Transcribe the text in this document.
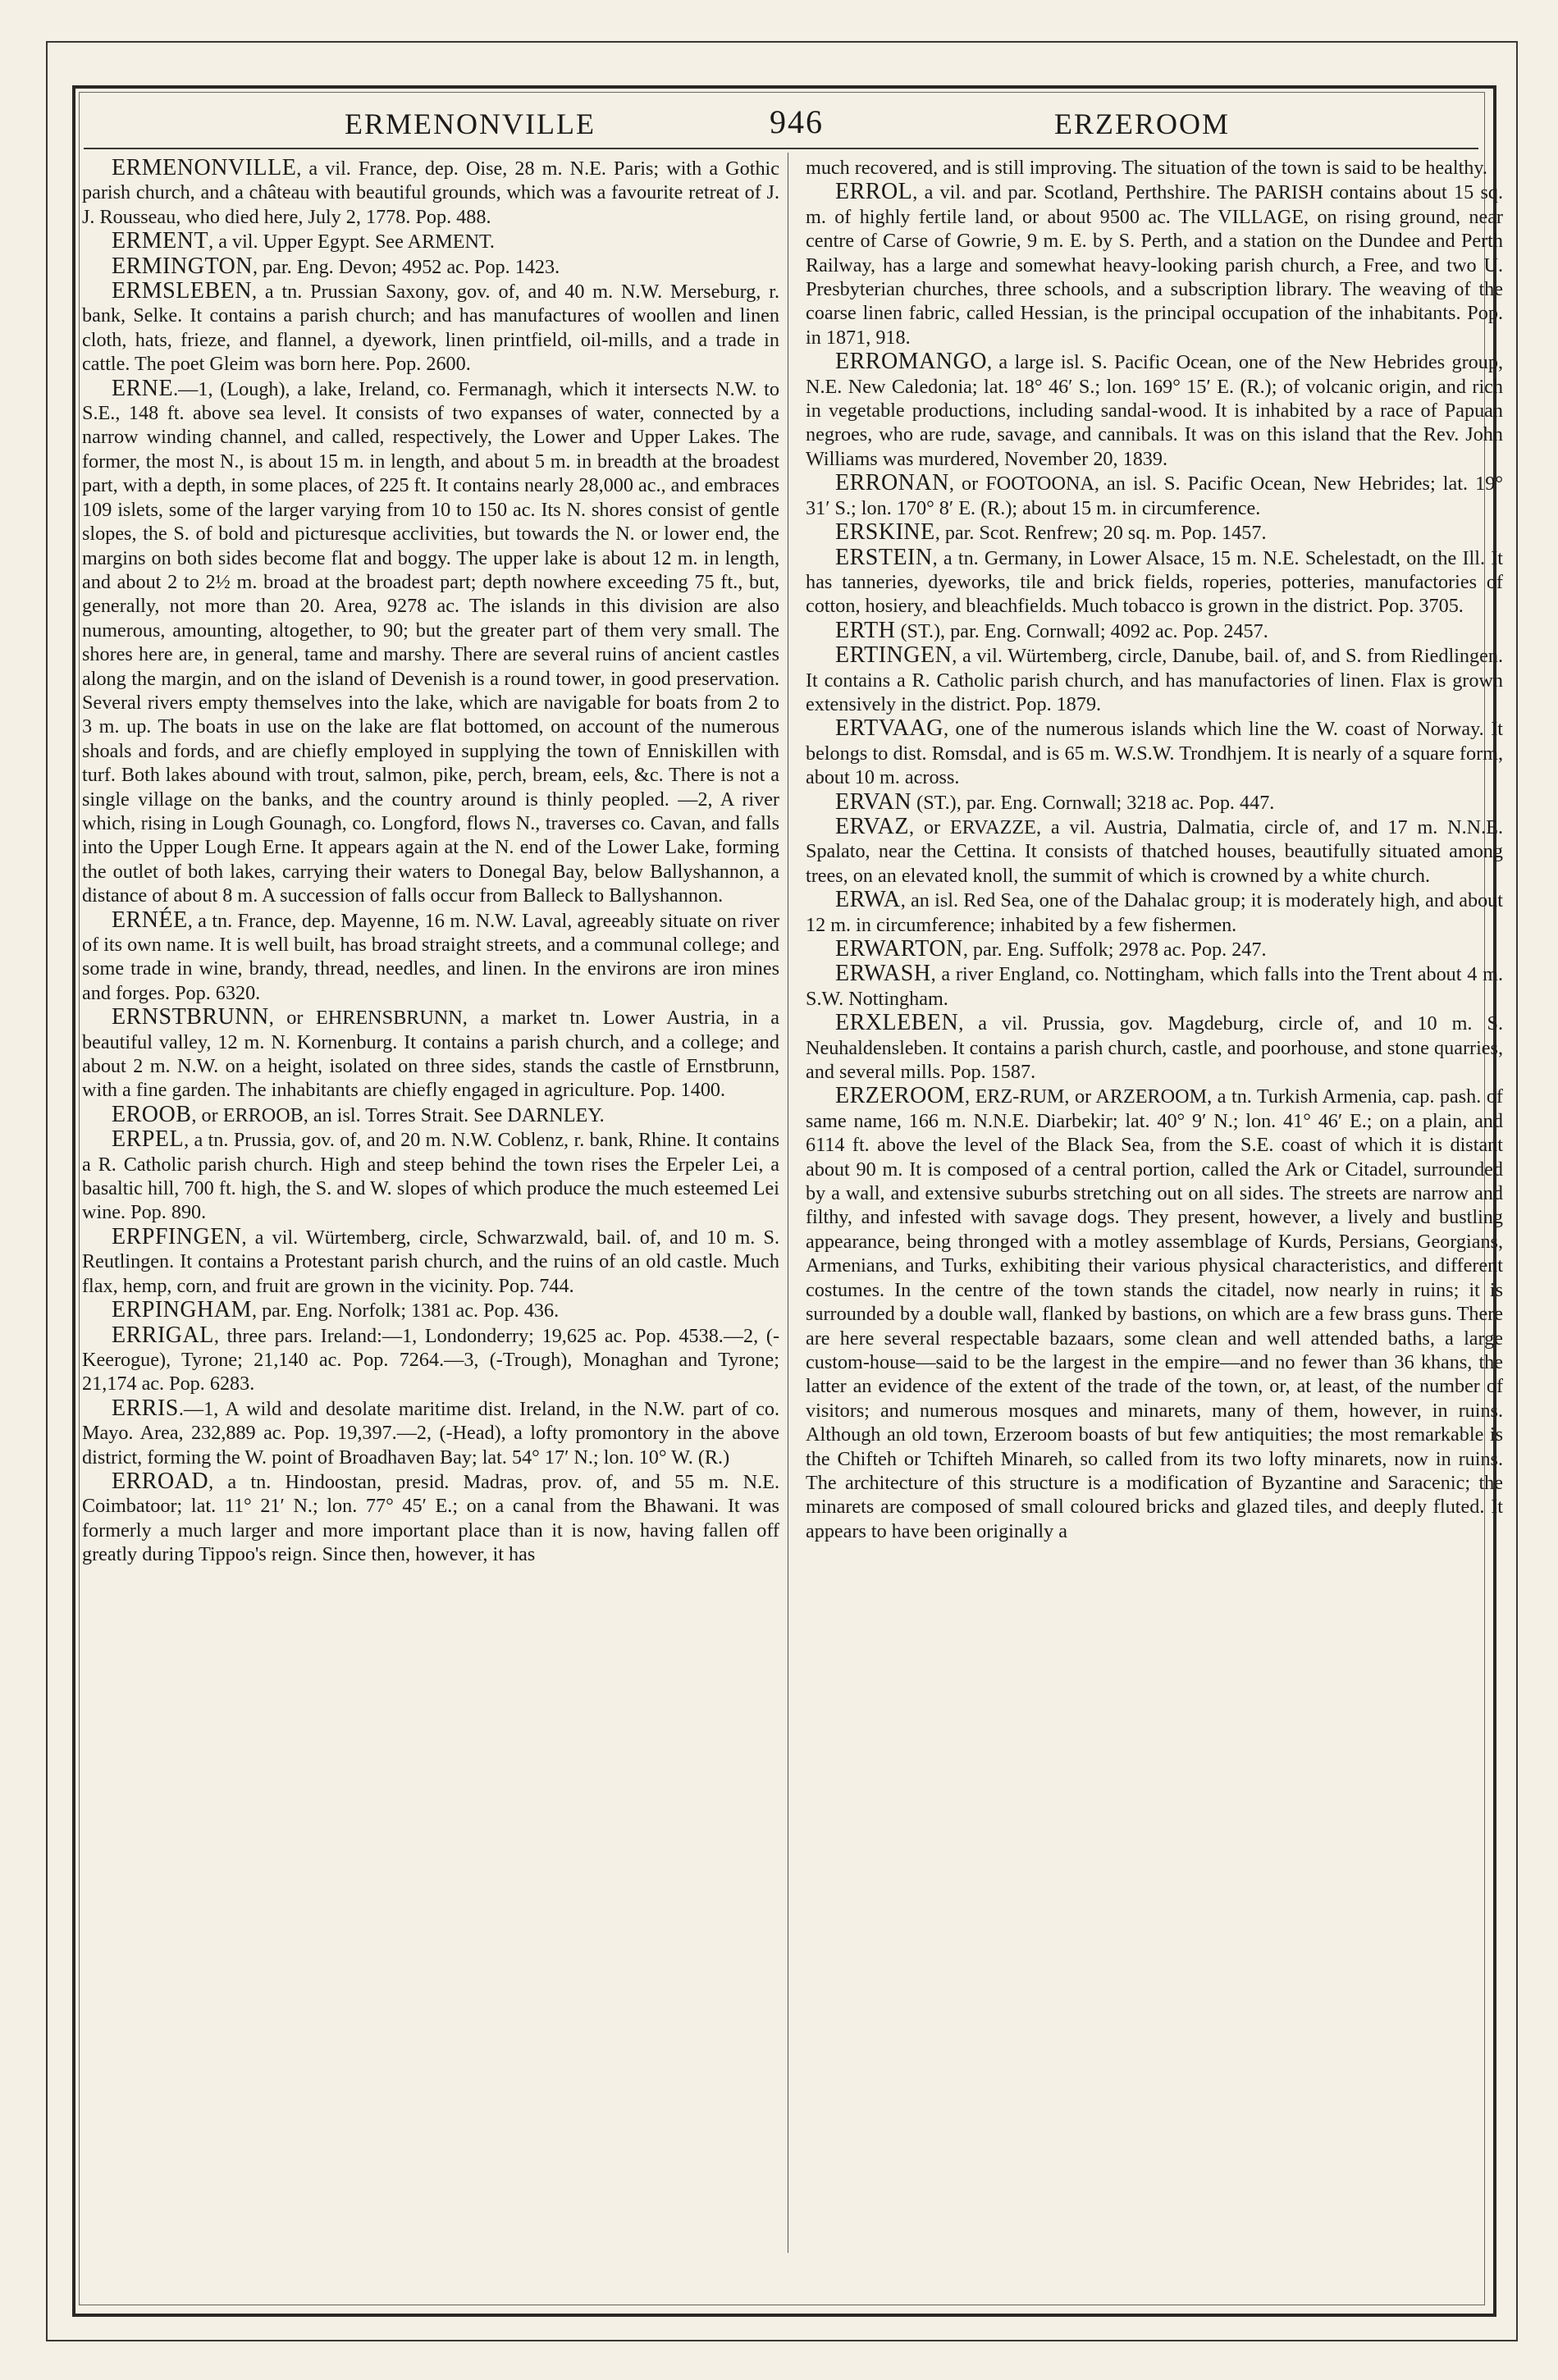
ERMENONVILLE	946	ERZEROOM

ERMENONVILLE, a vil. France, dep. Oise, 28 m. N.E. Paris; with a Gothic parish church, and a château with beautiful grounds, which was a favourite retreat of J. J. Rousseau, who died here, July 2, 1778. Pop. 488.

ERMENT, a vil. Upper Egypt. See ARMENT.

ERMINGTON, par. Eng. Devon; 4952 ac. Pop. 1423.

ERMSLEBEN, a tn. Prussian Saxony, gov. of, and 40 m. N.W. Merseburg, r. bank, Selke. It contains a parish church; and has manufactures of woollen and linen cloth, hats, frieze, and flannel, a dyework, linen printfield, oil-mills, and a trade in cattle. The poet Gleim was born here. Pop. 2600.

ERNE.—1, (Lough), a lake, Ireland, co. Fermanagh, which it intersects N.W. to S.E., 148 ft. above sea level. It consists of two expanses of water, connected by a narrow winding channel, and called, respectively, the Lower and Upper Lakes. The former, the most N., is about 15 m. in length, and about 5 m. in breadth at the broadest part, with a depth, in some places, of 225 ft. It contains nearly 28,000 ac., and embraces 109 islets, some of the larger varying from 10 to 150 ac. Its N. shores consist of gentle slopes, the S. of bold and picturesque acclivities, but towards the N. or lower end, the margins on both sides become flat and boggy. The upper lake is about 12 m. in length, and about 2 to 2½ m. broad at the broadest part; depth nowhere exceeding 75 ft., but, generally, not more than 20. Area, 9278 ac. The islands in this division are also numerous, amounting, altogether, to 90; but the greater part of them very small. The shores here are, in general, tame and marshy. There are several ruins of ancient castles along the margin, and on the island of Devenish is a round tower, in good preservation. Several rivers empty themselves into the lake, which are navigable for boats from 2 to 3 m. up. The boats in use on the lake are flat bottomed, on account of the numerous shoals and fords, and are chiefly employed in supplying the town of Enniskillen with turf. Both lakes abound with trout, salmon, pike, perch, bream, eels, &c. There is not a single village on the banks, and the country around is thinly peopled. —2, A river which, rising in Lough Gounagh, co. Longford, flows N., traverses co. Cavan, and falls into the Upper Lough Erne. It appears again at the N. end of the Lower Lake, forming the outlet of both lakes, carrying their waters to Donegal Bay, below Ballyshannon, a distance of about 8 m. A succession of falls occur from Balleck to Ballyshannon.

ERNÉE, a tn. France, dep. Mayenne, 16 m. N.W. Laval, agreeably situate on river of its own name. It is well built, has broad straight streets, and a communal college; and some trade in wine, brandy, thread, needles, and linen. In the environs are iron mines and forges. Pop. 6320.

ERNSTBRUNN, or EHRENSBRUNN, a market tn. Lower Austria, in a beautiful valley, 12 m. N. Kornenburg. It contains a parish church, and a college; and about 2 m. N.W. on a height, isolated on three sides, stands the castle of Ernstbrunn, with a fine garden. The inhabitants are chiefly engaged in agriculture. Pop. 1400.

EROOB, or ERROOB, an isl. Torres Strait. See DARNLEY.

ERPEL, a tn. Prussia, gov. of, and 20 m. N.W. Coblenz, r. bank, Rhine. It contains a R. Catholic parish church. High and steep behind the town rises the Erpeler Lei, a basaltic hill, 700 ft. high, the S. and W. slopes of which produce the much esteemed Lei wine. Pop. 890.

ERPFINGEN, a vil. Würtemberg, circle, Schwarzwald, bail. of, and 10 m. S. Reutlingen. It contains a Protestant parish church, and the ruins of an old castle. Much flax, hemp, corn, and fruit are grown in the vicinity. Pop. 744.

ERPINGHAM, par. Eng. Norfolk; 1381 ac. Pop. 436.

ERRIGAL, three pars. Ireland:—1, Londonderry; 19,625 ac. Pop. 4538.—2, (-Keerogue), Tyrone; 21,140 ac. Pop. 7264.—3, (-Trough), Monaghan and Tyrone; 21,174 ac. Pop. 6283.

ERRIS.—1, A wild and desolate maritime dist. Ireland, in the N.W. part of co. Mayo. Area, 232,889 ac. Pop. 19,397.—2, (-Head), a lofty promontory in the above district, forming the W. point of Broadhaven Bay; lat. 54° 17′ N.; lon. 10° W. (R.)

ERROAD, a tn. Hindoostan, presid. Madras, prov. of, and 55 m. N.E. Coimbatoor; lat. 11° 21′ N.; lon. 77° 45′ E.; on a canal from the Bhawani. It was formerly a much larger and more important place than it is now, having fallen off greatly during Tippoo's reign. Since then, however, it has

much recovered, and is still improving. The situation of the town is said to be healthy.

ERROL, a vil. and par. Scotland, Perthshire. The PARISH contains about 15 sq. m. of highly fertile land, or about 9500 ac. The VILLAGE, on rising ground, near centre of Carse of Gowrie, 9 m. E. by S. Perth, and a station on the Dundee and Perth Railway, has a large and somewhat heavy-looking parish church, a Free, and two U. Presbyterian churches, three schools, and a subscription library. The weaving of the coarse linen fabric, called Hessian, is the principal occupation of the inhabitants. Pop. in 1871, 918.

ERROMANGO, a large isl. S. Pacific Ocean, one of the New Hebrides group, N.E. New Caledonia; lat. 18° 46′ S.; lon. 169° 15′ E. (R.); of volcanic origin, and rich in vegetable productions, including sandal-wood. It is inhabited by a race of Papuan negroes, who are rude, savage, and cannibals. It was on this island that the Rev. John Williams was murdered, November 20, 1839.

ERRONAN, or FOOTOONA, an isl. S. Pacific Ocean, New Hebrides; lat. 19° 31′ S.; lon. 170° 8′ E. (R.); about 15 m. in circumference.

ERSKINE, par. Scot. Renfrew; 20 sq. m. Pop. 1457.

ERSTEIN, a tn. Germany, in Lower Alsace, 15 m. N.E. Schelestadt, on the Ill. It has tanneries, dyeworks, tile and brick fields, roperies, potteries, manufactories of cotton, hosiery, and bleachfields. Much tobacco is grown in the district. Pop. 3705.

ERTH (ST.), par. Eng. Cornwall; 4092 ac. Pop. 2457.

ERTINGEN, a vil. Würtemberg, circle, Danube, bail. of, and S. from Riedlingen. It contains a R. Catholic parish church, and has manufactories of linen. Flax is grown extensively in the district. Pop. 1879.

ERTVAAG, one of the numerous islands which line the W. coast of Norway. It belongs to dist. Romsdal, and is 65 m. W.S.W. Trondhjem. It is nearly of a square form, about 10 m. across.

ERVAN (ST.), par. Eng. Cornwall; 3218 ac. Pop. 447.

ERVAZ, or ERVAZZE, a vil. Austria, Dalmatia, circle of, and 17 m. N.N.E. Spalato, near the Cettina. It consists of thatched houses, beautifully situated among trees, on an elevated knoll, the summit of which is crowned by a white church.

ERWA, an isl. Red Sea, one of the Dahalac group; it is moderately high, and about 12 m. in circumference; inhabited by a few fishermen.

ERWARTON, par. Eng. Suffolk; 2978 ac. Pop. 247.

ERWASH, a river England, co. Nottingham, which falls into the Trent about 4 m. S.W. Nottingham.

ERXLEBEN, a vil. Prussia, gov. Magdeburg, circle of, and 10 m. S. Neuhaldensleben. It contains a parish church, castle, and poorhouse, and stone quarries, and several mills. Pop. 1587.

ERZEROOM, ERZ-RUM, or ARZEROOM, a tn. Turkish Armenia, cap. pash. of same name, 166 m. N.N.E. Diarbekir; lat. 40° 9′ N.; lon. 41° 46′ E.; on a plain, and 6114 ft. above the level of the Black Sea, from the S.E. coast of which it is distant about 90 m. It is composed of a central portion, called the Ark or Citadel, surrounded by a wall, and extensive suburbs stretching out on all sides. The streets are narrow and filthy, and infested with savage dogs. They present, however, a lively and bustling appearance, being thronged with a motley assemblage of Kurds, Persians, Georgians, Armenians, and Turks, exhibiting their various physical characteristics, and different costumes. In the centre of the town stands the citadel, now nearly in ruins; it is surrounded by a double wall, flanked by bastions, on which are a few brass guns. There are here several respectable bazaars, some clean and well attended baths, a large custom-house—said to be the largest in the empire—and no fewer than 36 khans, the latter an evidence of the extent of the trade of the town, or, at least, of the number of visitors; and numerous mosques and minarets, many of them, however, in ruins. Although an old town, Erzeroom boasts of but few antiquities; the most remarkable is the Chifteh or Tchifteh Minareh, so called from its two lofty minarets, now in ruins. The architecture of this structure is a modification of Byzantine and Saracenic; the minarets are composed of small coloured bricks and glazed tiles, and deeply fluted. It appears to have been originally a
